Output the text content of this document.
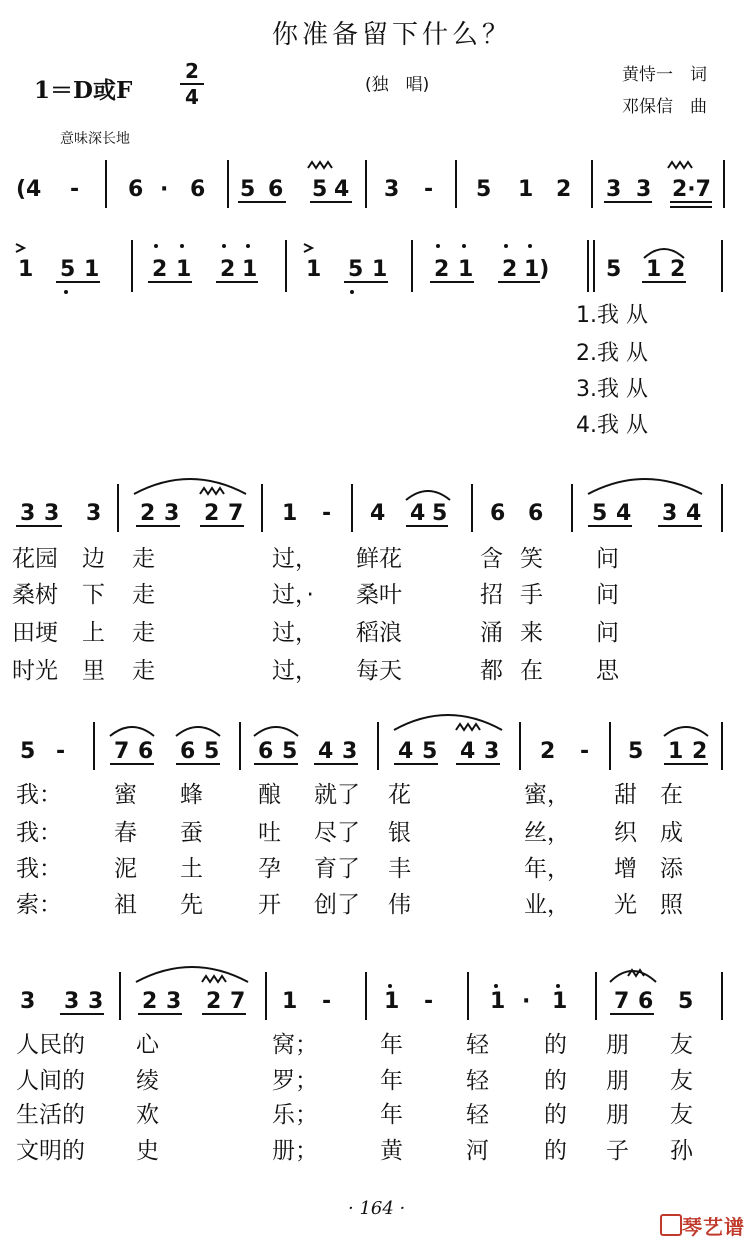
你准备留下什么？
1＝D或F
2
4	(独　唱)	黄恃一　词
邓保信　曲
意味深长地
(4 - 6 · 6 5 6 5 4 3 - 5 1 2 3 3 2·7
1 5 1 2 1 2 1 1 5 1 2 1 2 1)	5 1 2
3 3 3 2 3 2 7 1 - 4 4 5 6 6 5 4 3 4
5 - 7 6 6 5 6 5 4 3 4 5 4 3 2 - 5 1 2
3 3 3 2 3 2 7 1 - 1 -	1 · 1 7 6 5
1.我 从
2.我 从
3.我 从
4.我 从
花园 边 走	过， 鲜花	含 笑 问
桑树 下 走	过，· 桑叶	招 手 问
田埂 上 走	过， 稻浪	涌 来 问
时光 里 走	过， 每天	都 在 思
我： 蜜 蜂 酿 就了 花	蜜， 甜 在
我： 春 蚕 吐 尽了 银	丝， 织 成
我： 泥 土 孕 育了 丰	年， 增 添
索： 祖 先 开 创了 伟	业， 光 照
人民的 心	窝；	年	轻 的 朋 友
人间的 绫	罗；	年	轻 的 朋 友
生活的 欢	乐；	年	轻 的 朋 友
文明的 史	册；	黄	河 的 子 孙
· 164 ·
琴艺谱
